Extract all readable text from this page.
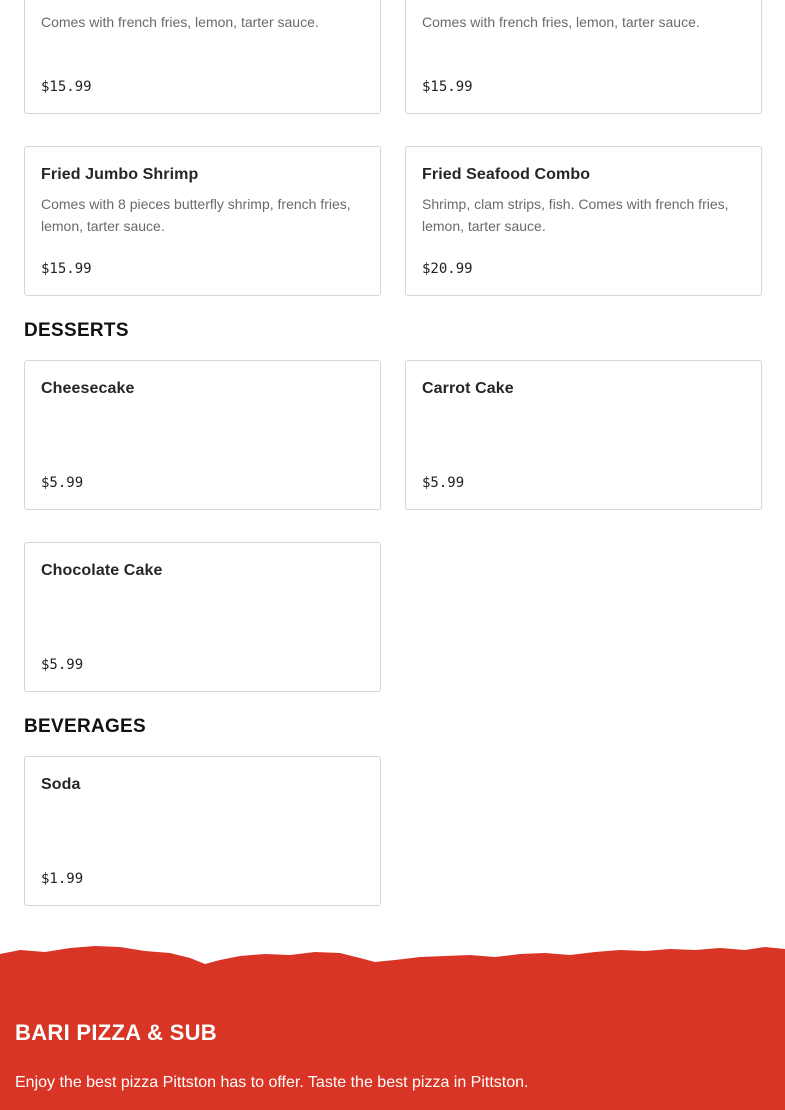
Comes with french fries, lemon, tarter sauce.
$15.99
Comes with french fries, lemon, tarter sauce.
$15.99
Fried Jumbo Shrimp
Comes with 8 pieces butterfly shrimp, french fries, lemon, tarter sauce.
$15.99
Fried Seafood Combo
Shrimp, clam strips, fish. Comes with french fries, lemon, tarter sauce.
$20.99
DESSERTS
Cheesecake
$5.99
Carrot Cake
$5.99
Chocolate Cake
$5.99
BEVERAGES
Soda
$1.99
BARI PIZZA & SUB
Enjoy the best pizza Pittston has to offer. Taste the best pizza in Pittston.
